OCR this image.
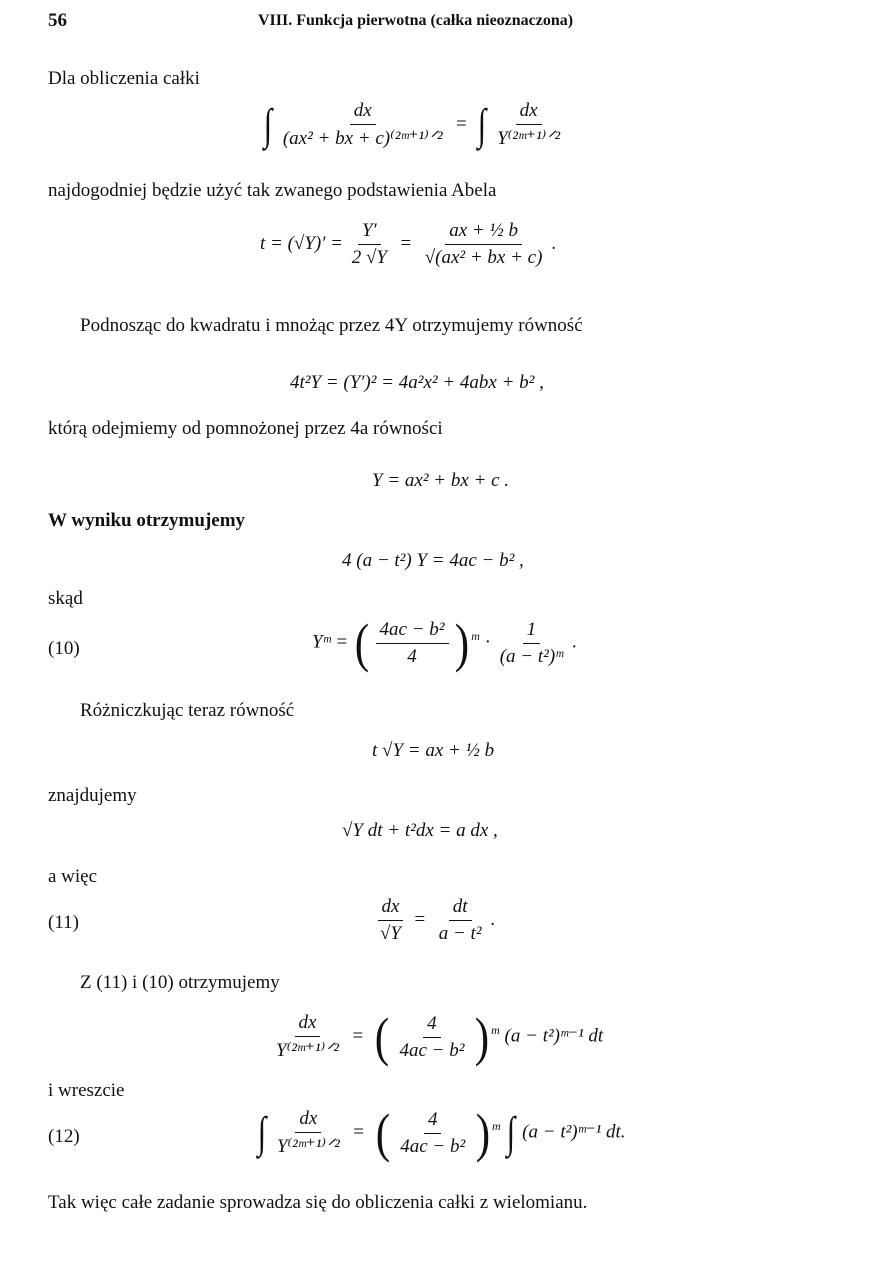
56	VIII. Funkcja pierwotna (całka nieoznaczona)
Dla obliczenia całki
∫ $\frac{dx}{\text{(ax² + bx + c)⁽²ᵐ⁺¹⁾ᐟ²}}$ =  ∫ $\frac{dx}{\text{Y⁽²ᵐ⁺¹⁾ᐟ²}}$
najdogodniej będzie użyć tak zwanego podstawienia Abela
$t = (√Y)' = \frac{Y'}{2 √Y} = \frac{\text{ax + ½ b}}{\text{√(ax² + bx + c)}}$ .
Podnosząc do kwadratu i mnożąc przez 4Y otrzymujemy równość
4t²Y = (Y′)² = 4a²x² + 4abx + b² ,
którą odejmiemy od pomnożonej przez 4a równości
Y = ax² + bx + c .
W wyniku otrzymujemy
4 (a − t²) Y = 4ac − b² ,
skąd
(10)	Yᵐ = ( $\frac{\text{4ac − b²}}{4}$ ) $^m \cdot \frac{1}{\text{(a − t²)ᵐ}}$ .
Różniczkując teraz równość
t √Y = ax + ½ b
znajdujemy
√Y dt + t²dx = a dx ,
a więc
(11)	$\frac{dx}{√Y} = \frac{dt}{\text{a − t²}}$ .
Z (11) i (10) otrzymujemy
$\frac{dx}{\text{Y⁽²ᵐ⁺¹⁾ᐟ²}}$ =  ( $\frac{4}{\text{4ac − b²}}$ ) $^m$ (a − t²)ᵐ⁻¹ dt
i wreszcie
(12)	∫ $\frac{dx}{\text{Y⁽²ᵐ⁺¹⁾ᐟ²}}$ =  ( $\frac{4}{\text{4ac − b²}}$ ) $^m$ ∫ (a − t²)ᵐ⁻¹ dt.
Tak więc całe zadanie sprowadza się do obliczenia całki z wielomianu.
